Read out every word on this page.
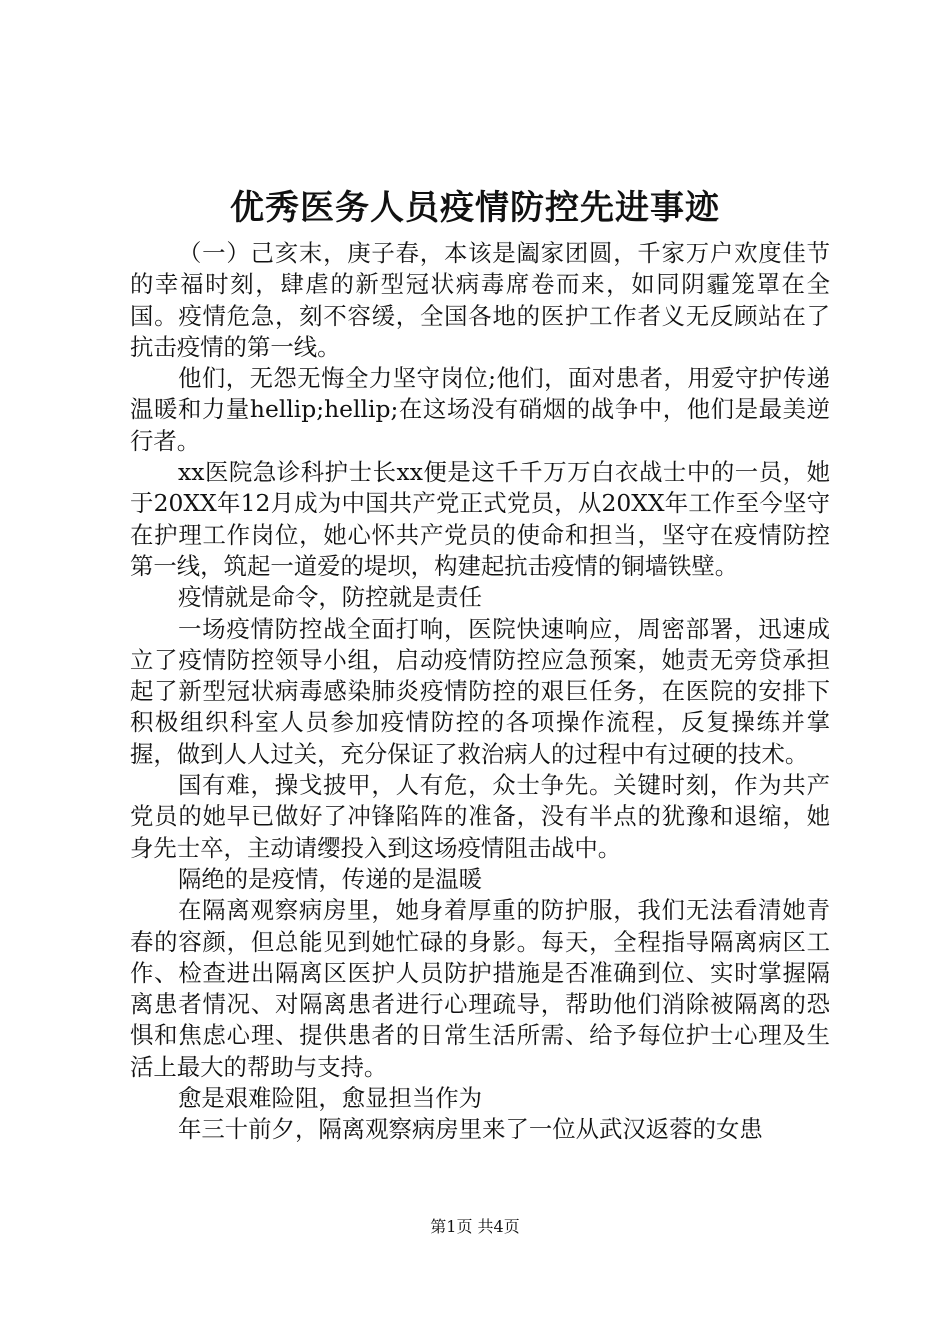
优秀医务人员疫情防控先进事迹

（一）己亥末，庚子春，本该是阖家团圆，千家万户欢度佳节的幸福时刻，肆虐的新型冠状病毒席卷而来，如同阴霾笼罩在全国。疫情危急，刻不容缓，全国各地的医护工作者义无反顾站在了抗击疫情的第一线。

他们，无怨无悔全力坚守岗位;他们，面对患者，用爱守护传递温暖和力量hellip;hellip;在这场没有硝烟的战争中，他们是最美逆行者。

xx医院急诊科护士长xx便是这千千万万白衣战士中的一员，她于20XX年12月成为中国共产党正式党员，从20XX年工作至今坚守在护理工作岗位，她心怀共产党员的使命和担当，坚守在疫情防控第一线，筑起一道爱的堤坝，构建起抗击疫情的铜墙铁壁。

疫情就是命令，防控就是责任

一场疫情防控战全面打响，医院快速响应，周密部署，迅速成立了疫情防控领导小组，启动疫情防控应急预案，她责无旁贷承担起了新型冠状病毒感染肺炎疫情防控的艰巨任务，在医院的安排下积极组织科室人员参加疫情防控的各项操作流程，反复操练并掌握，做到人人过关，充分保证了救治病人的过程中有过硬的技术。

国有难，操戈披甲，人有危，众士争先。关键时刻，作为共产党员的她早已做好了冲锋陷阵的准备，没有半点的犹豫和退缩，她身先士卒，主动请缨投入到这场疫情阻击战中。

隔绝的是疫情，传递的是温暖

在隔离观察病房里，她身着厚重的防护服，我们无法看清她青春的容颜，但总能见到她忙碌的身影。每天，全程指导隔离病区工作、检查进出隔离区医护人员防护措施是否准确到位、实时掌握隔离患者情况、对隔离患者进行心理疏导，帮助他们消除被隔离的恐惧和焦虑心理、提供患者的日常生活所需、给予每位护士心理及生活上最大的帮助与支持。

愈是艰难险阻，愈显担当作为

年三十前夕，隔离观察病房里来了一位从武汉返蓉的女患

第1页 共4页
